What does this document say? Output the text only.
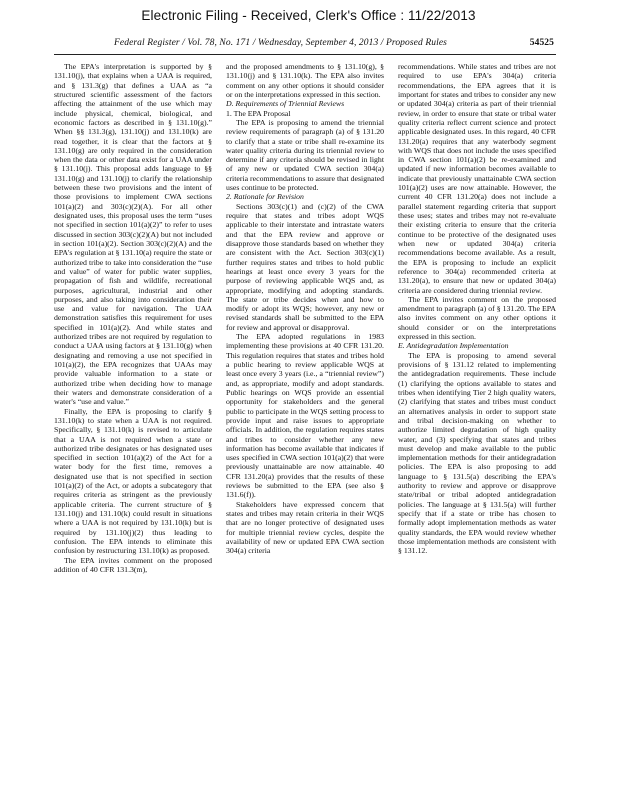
Electronic Filing - Received, Clerk's Office : 11/22/2013
Federal Register / Vol. 78, No. 171 / Wednesday, September 4, 2013 / Proposed Rules	54525

The EPA's interpretation is supported by § 131.10(j), that explains when a UAA is required, and § 131.3(g) that defines a UAA as “a structured scientific assessment of the factors affecting the attainment of the use which may include physical, chemical, biological, and economic factors as described in § 131.10(g).” When §§ 131.3(g), 131.10(j) and 131.10(k) are read together, it is clear that the factors at § 131.10(g) are only required in the consideration when the data or other data exist for a UAA under § 131.10(j). This proposal adds language to §§ 131.10(g) and 131.10(j) to clarify the relationship between these two provisions and the intent of those provisions to implement CWA sections 101(a)(2) and 303(c)(2)(A). For all other designated uses, this proposal uses the term “uses not specified in section 101(a)(2)” to refer to uses discussed in section 303(c)(2)(A) but not included in section 101(a)(2). Section 303(c)(2)(A) and the EPA's regulation at § 131.10(a) require the state or authorized tribe to take into consideration the “use and value” of water for public water supplies, propagation of fish and wildlife, recreational purposes, agricultural, industrial and other purposes, and also taking into consideration their use and value for navigation. The UAA demonstration satisfies this requirement for uses specified in 101(a)(2). And while states and authorized tribes are not required by regulation to conduct a UAA using factors at § 131.10(g) when designating and removing a use not specified in 101(a)(2), the EPA recognizes that UAAs may provide valuable information to a state or authorized tribe when deciding how to manage their waters and demonstrate consideration of a water's “use and value.”

Finally, the EPA is proposing to clarify § 131.10(k) to state when a UAA is not required. Specifically, § 131.10(k) is revised to articulate that a UAA is not required when a state or authorized tribe designates or has designated uses specified in section 101(a)(2) of the Act for a water body for the first time, removes a designated use that is not specified in section 101(a)(2) of the Act, or adopts a subcategory that requires criteria as stringent as the previously applicable criteria. The current structure of § 131.10(j) and 131.10(k) could result in situations where a UAA is not required by 131.10(k) but is required by 131.10(j)(2) thus leading to confusion. The EPA intends to eliminate this confusion by restructuring 131.10(k) as proposed.

The EPA invites comment on the proposed addition of 40 CFR 131.3(m),

and the proposed amendments to § 131.10(g), § 131.10(j) and § 131.10(k). The EPA also invites comment on any other options it should consider or on the interpretations expressed in this section.

D. Requirements of Triennial Reviews

1. The EPA Proposal

The EPA is proposing to amend the triennial review requirements of paragraph (a) of § 131.20 to clarify that a state or tribe shall re-examine its water quality criteria during its triennial review to determine if any criteria should be revised in light of any new or updated CWA section 304(a) criteria recommendations to assure that designated uses continue to be protected.

2. Rationale for Revision

Sections 303(c)(1) and (c)(2) of the CWA require that states and tribes adopt WQS applicable to their interstate and intrastate waters and that the EPA review and approve or disapprove those standards based on whether they are consistent with the Act. Section 303(c)(1) further requires states and tribes to hold public hearings at least once every 3 years for the purpose of reviewing applicable WQS and, as appropriate, modifying and adopting standards. The state or tribe decides when and how to modify or adopt its WQS; however, any new or revised standards shall be submitted to the EPA for review and approval or disapproval.

The EPA adopted regulations in 1983 implementing these provisions at 40 CFR 131.20. This regulation requires that states and tribes hold a public hearing to review applicable WQS at least once every 3 years (i.e., a “triennial review”) and, as appropriate, modify and adopt standards. Public hearings on WQS provide an essential opportunity for stakeholders and the general public to participate in the WQS setting process to provide input and raise issues to appropriate officials. In addition, the regulation requires states and tribes to consider whether any new information has become available that indicates if uses specified in CWA section 101(a)(2) that were previously unattainable are now attainable. 40 CFR 131.20(a) provides that the results of these reviews be submitted to the EPA (see also § 131.6(f)).

Stakeholders have expressed concern that states and tribes may retain criteria in their WQS that are no longer protective of designated uses for multiple triennial review cycles, despite the availability of new or updated EPA CWA section 304(a) criteria

recommendations. While states and tribes are not required to use EPA's 304(a) criteria recommendations, the EPA agrees that it is important for states and tribes to consider any new or updated 304(a) criteria as part of their triennial review, in order to ensure that state or tribal water quality criteria reflect current science and protect applicable designated uses. In this regard, 40 CFR 131.20(a) requires that any waterbody segment with WQS that does not include the uses specified in CWA section 101(a)(2) be re-examined and updated if new information becomes available to indicate that previously unattainable CWA section 101(a)(2) uses are now attainable. However, the current 40 CFR 131.20(a) does not include a parallel statement regarding criteria that support these uses; states and tribes may not re-evaluate their existing criteria to ensure that the criteria continue to be protective of the designated uses when new or updated 304(a) criteria recommendations become available. As a result, the EPA is proposing to include an explicit reference to 304(a) recommended criteria at 131.20(a), to ensure that new or updated 304(a) criteria are considered during triennial review.

The EPA invites comment on the proposed amendment to paragraph (a) of § 131.20. The EPA also invites comment on any other options it should consider or on the interpretations expressed in this section.

E. Antidegradation Implementation

The EPA is proposing to amend several provisions of § 131.12 related to implementing the antidegradation requirements. These include (1) clarifying the options available to states and tribes when identifying Tier 2 high quality waters, (2) clarifying that states and tribes must conduct an alternatives analysis in order to support state and tribal decision-making on whether to authorize limited degradation of high quality water, and (3) specifying that states and tribes must develop and make available to the public implementation methods for their antidegradation policies. The EPA is also proposing to add language to § 131.5(a) describing the EPA's authority to review and approve or disapprove state/tribal or tribal adopted antidegradation policies. The language at § 131.5(a) will further specify that if a state or tribe has chosen to formally adopt implementation methods as water quality standards, the EPA would review whether those implementation methods are consistent with § 131.12.
